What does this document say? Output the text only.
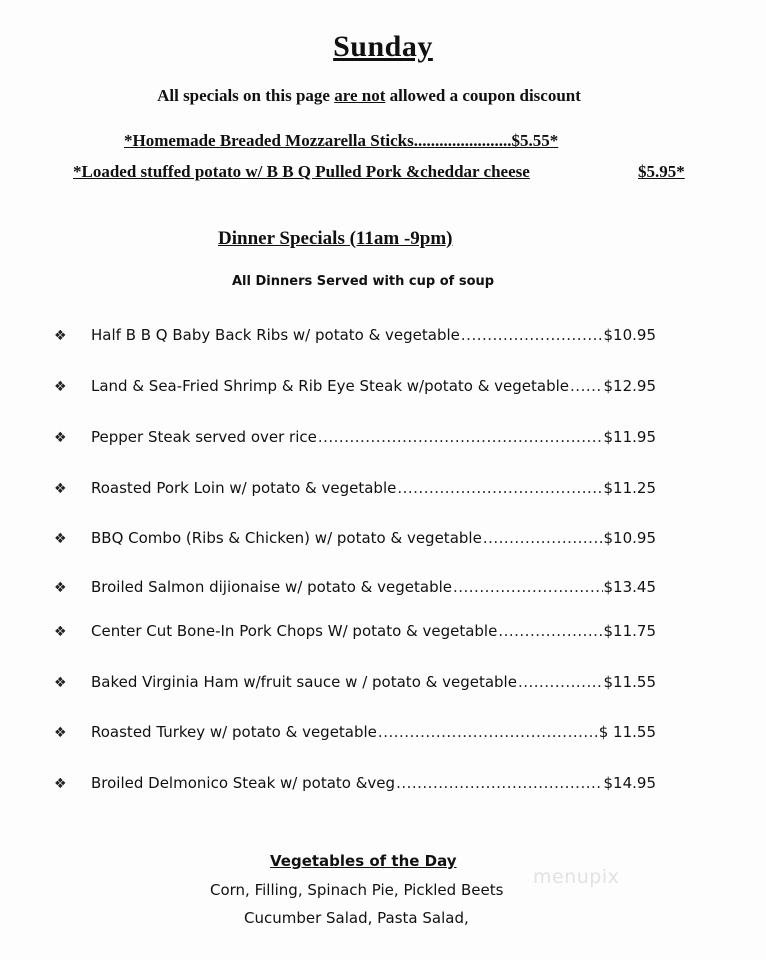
Sunday
All specials on this page are not allowed a coupon discount
*Homemade Breaded Mozzarella Sticks.......................$5.55*
*Loaded stuffed potato w/ B B Q Pulled Pork &cheddar cheese	$5.95*
Dinner Specials (11am -9pm)
All Dinners Served with cup of soup
❖	Half B B Q Baby Back Ribs w/ potato & vegetable .....	$10.95
❖	Land & Sea-Fried Shrimp & Rib Eye Steak w/potato & vegetable ..... $12.95
❖	Pepper Steak served over rice .....	$11.95
❖	Roasted Pork Loin w/ potato & vegetable .....	$11.25
❖	BBQ Combo (Ribs & Chicken) w/ potato & vegetable .....	$10.95
❖	Broiled Salmon dijionaise w/ potato & vegetable .....	$13.45
❖	Center Cut Bone-In Pork Chops W/ potato & vegetable .....	$11.75
❖	Baked Virginia Ham w/fruit sauce w / potato & vegetable .....	$11.55
❖	Roasted Turkey w/ potato & vegetable .....	$ 11.55
❖	Broiled Delmonico Steak w/ potato &veg .....	$14.95
Vegetables of the Day
Corn, Filling, Spinach Pie, Pickled Beets
Cucumber Salad, Pasta Salad,
menupix
